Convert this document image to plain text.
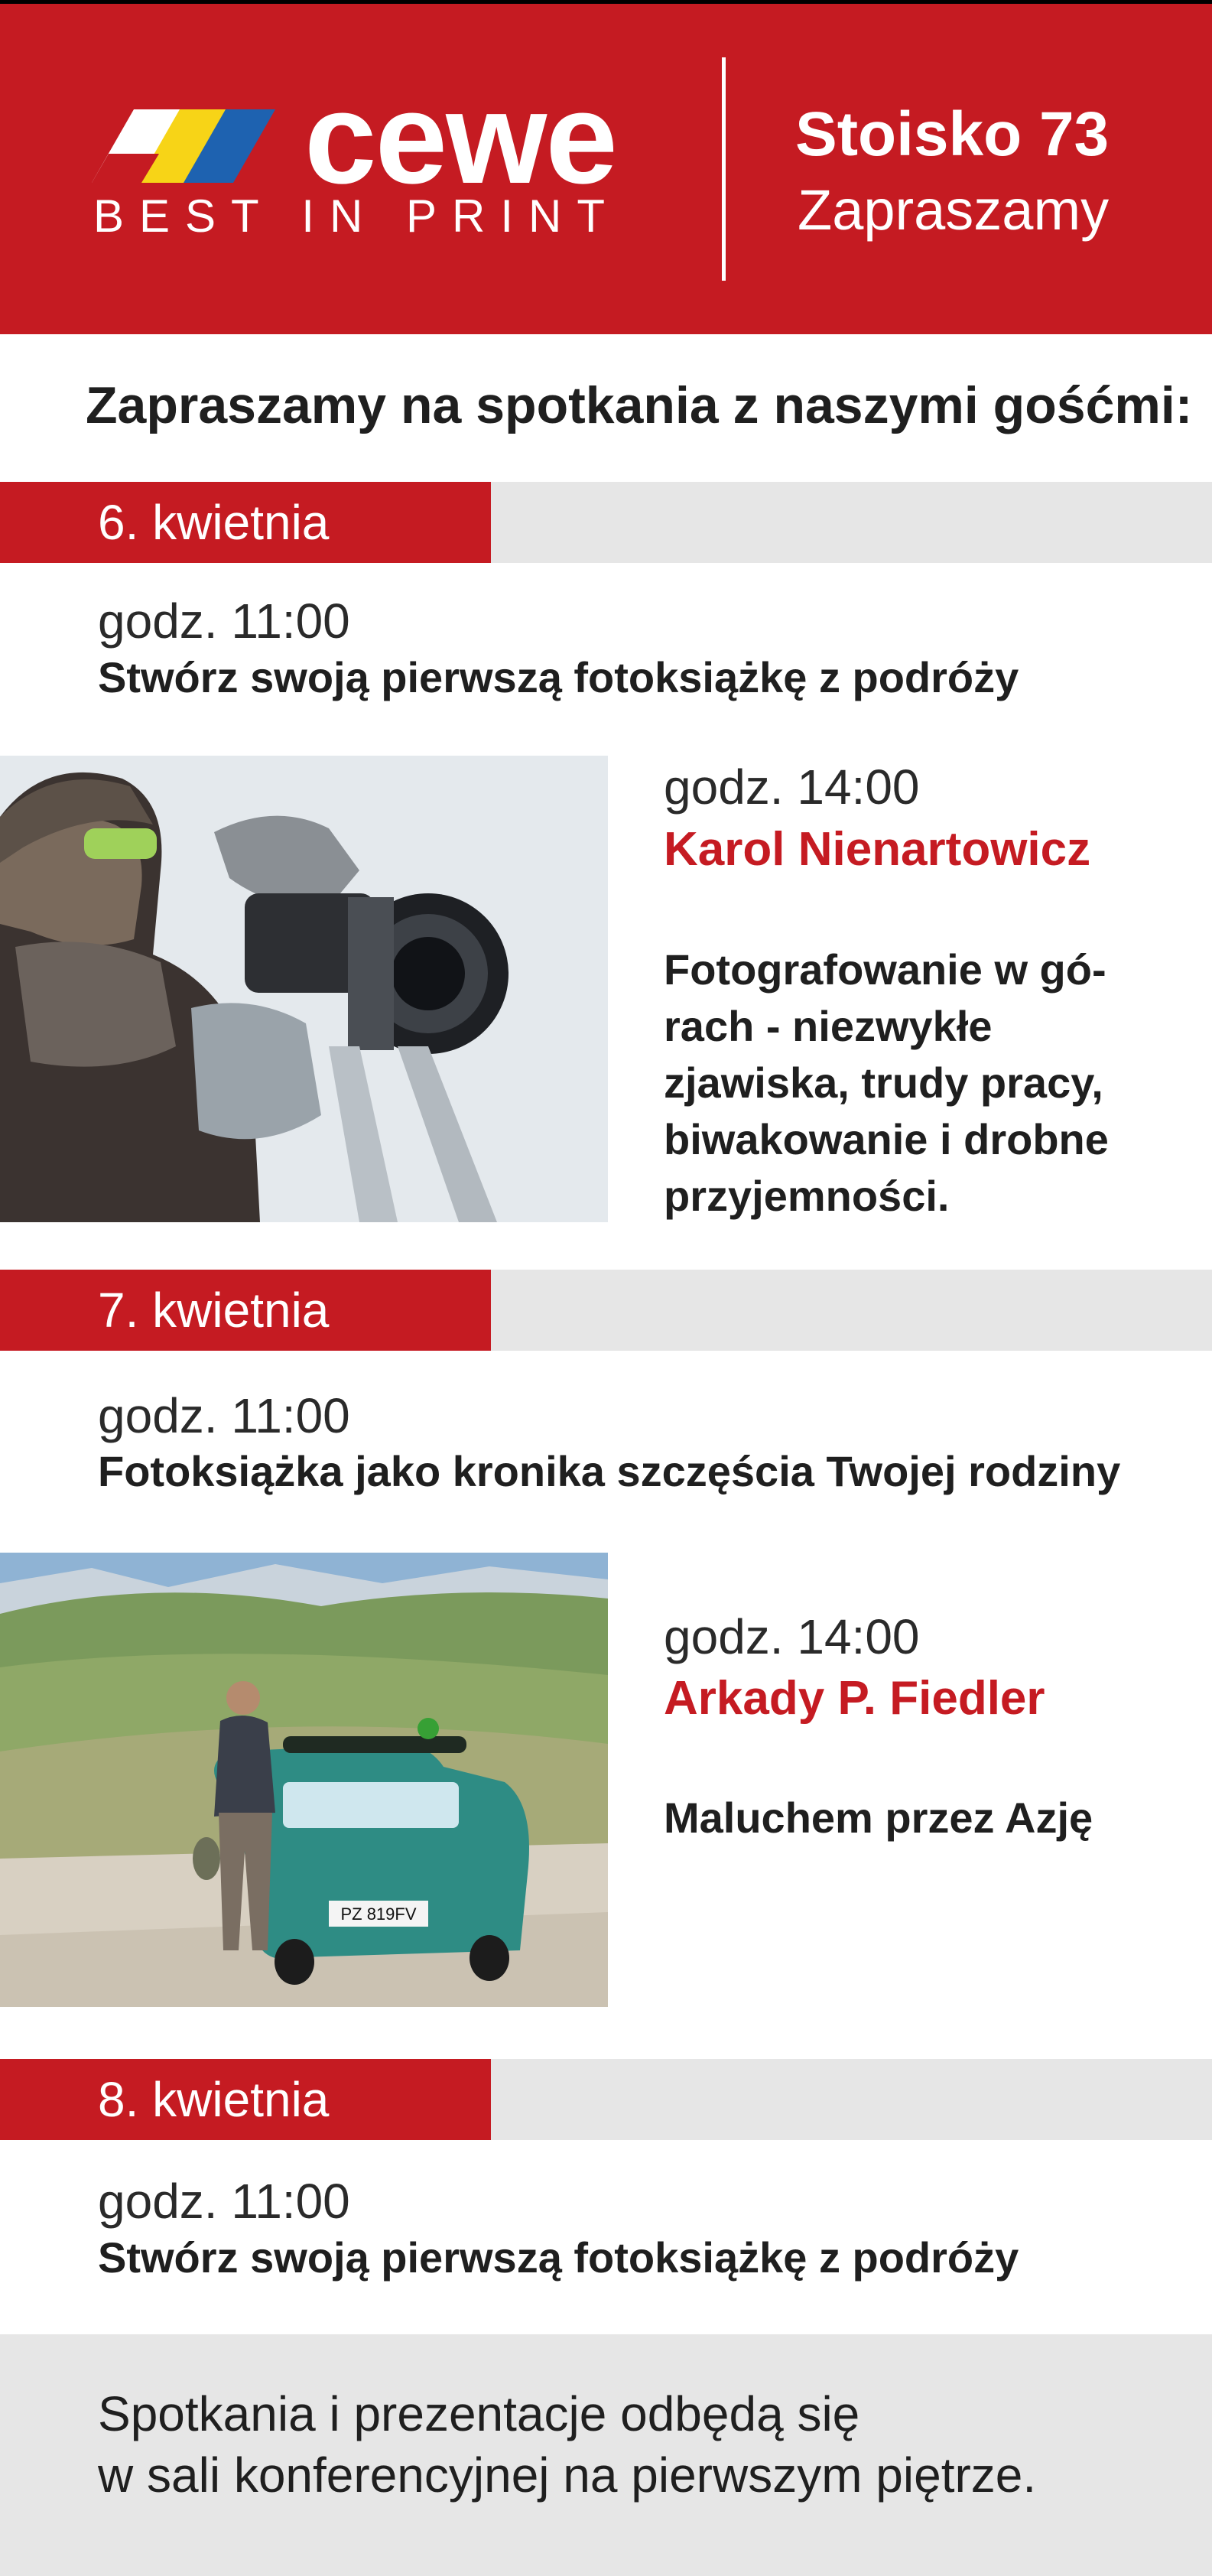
cewe
BEST IN PRINT
Stoisko 73
Zapraszamy
Zapraszamy na spotkania z naszymi gośćmi:
6. kwietnia
godz. 11:00
Stwórz swoją pierwszą fotoksiążkę z podróży
godz. 14:00
Karol Nienartowicz
Fotografowanie w gó-
rach - niezwykłe
zjawiska, trudy pracy,
biwakowanie i drobne
przyjemności.
7. kwietnia
godz. 11:00
Fotoksiążka jako kronika szczęścia Twojej rodziny
PZ 819FV
godz. 14:00
Arkady P. Fiedler
Maluchem przez Azję
8. kwietnia
godz. 11:00
Stwórz swoją pierwszą fotoksiążkę z podróży
Spotkania i prezentacje odbędą się
w sali konferencyjnej na pierwszym piętrze.
